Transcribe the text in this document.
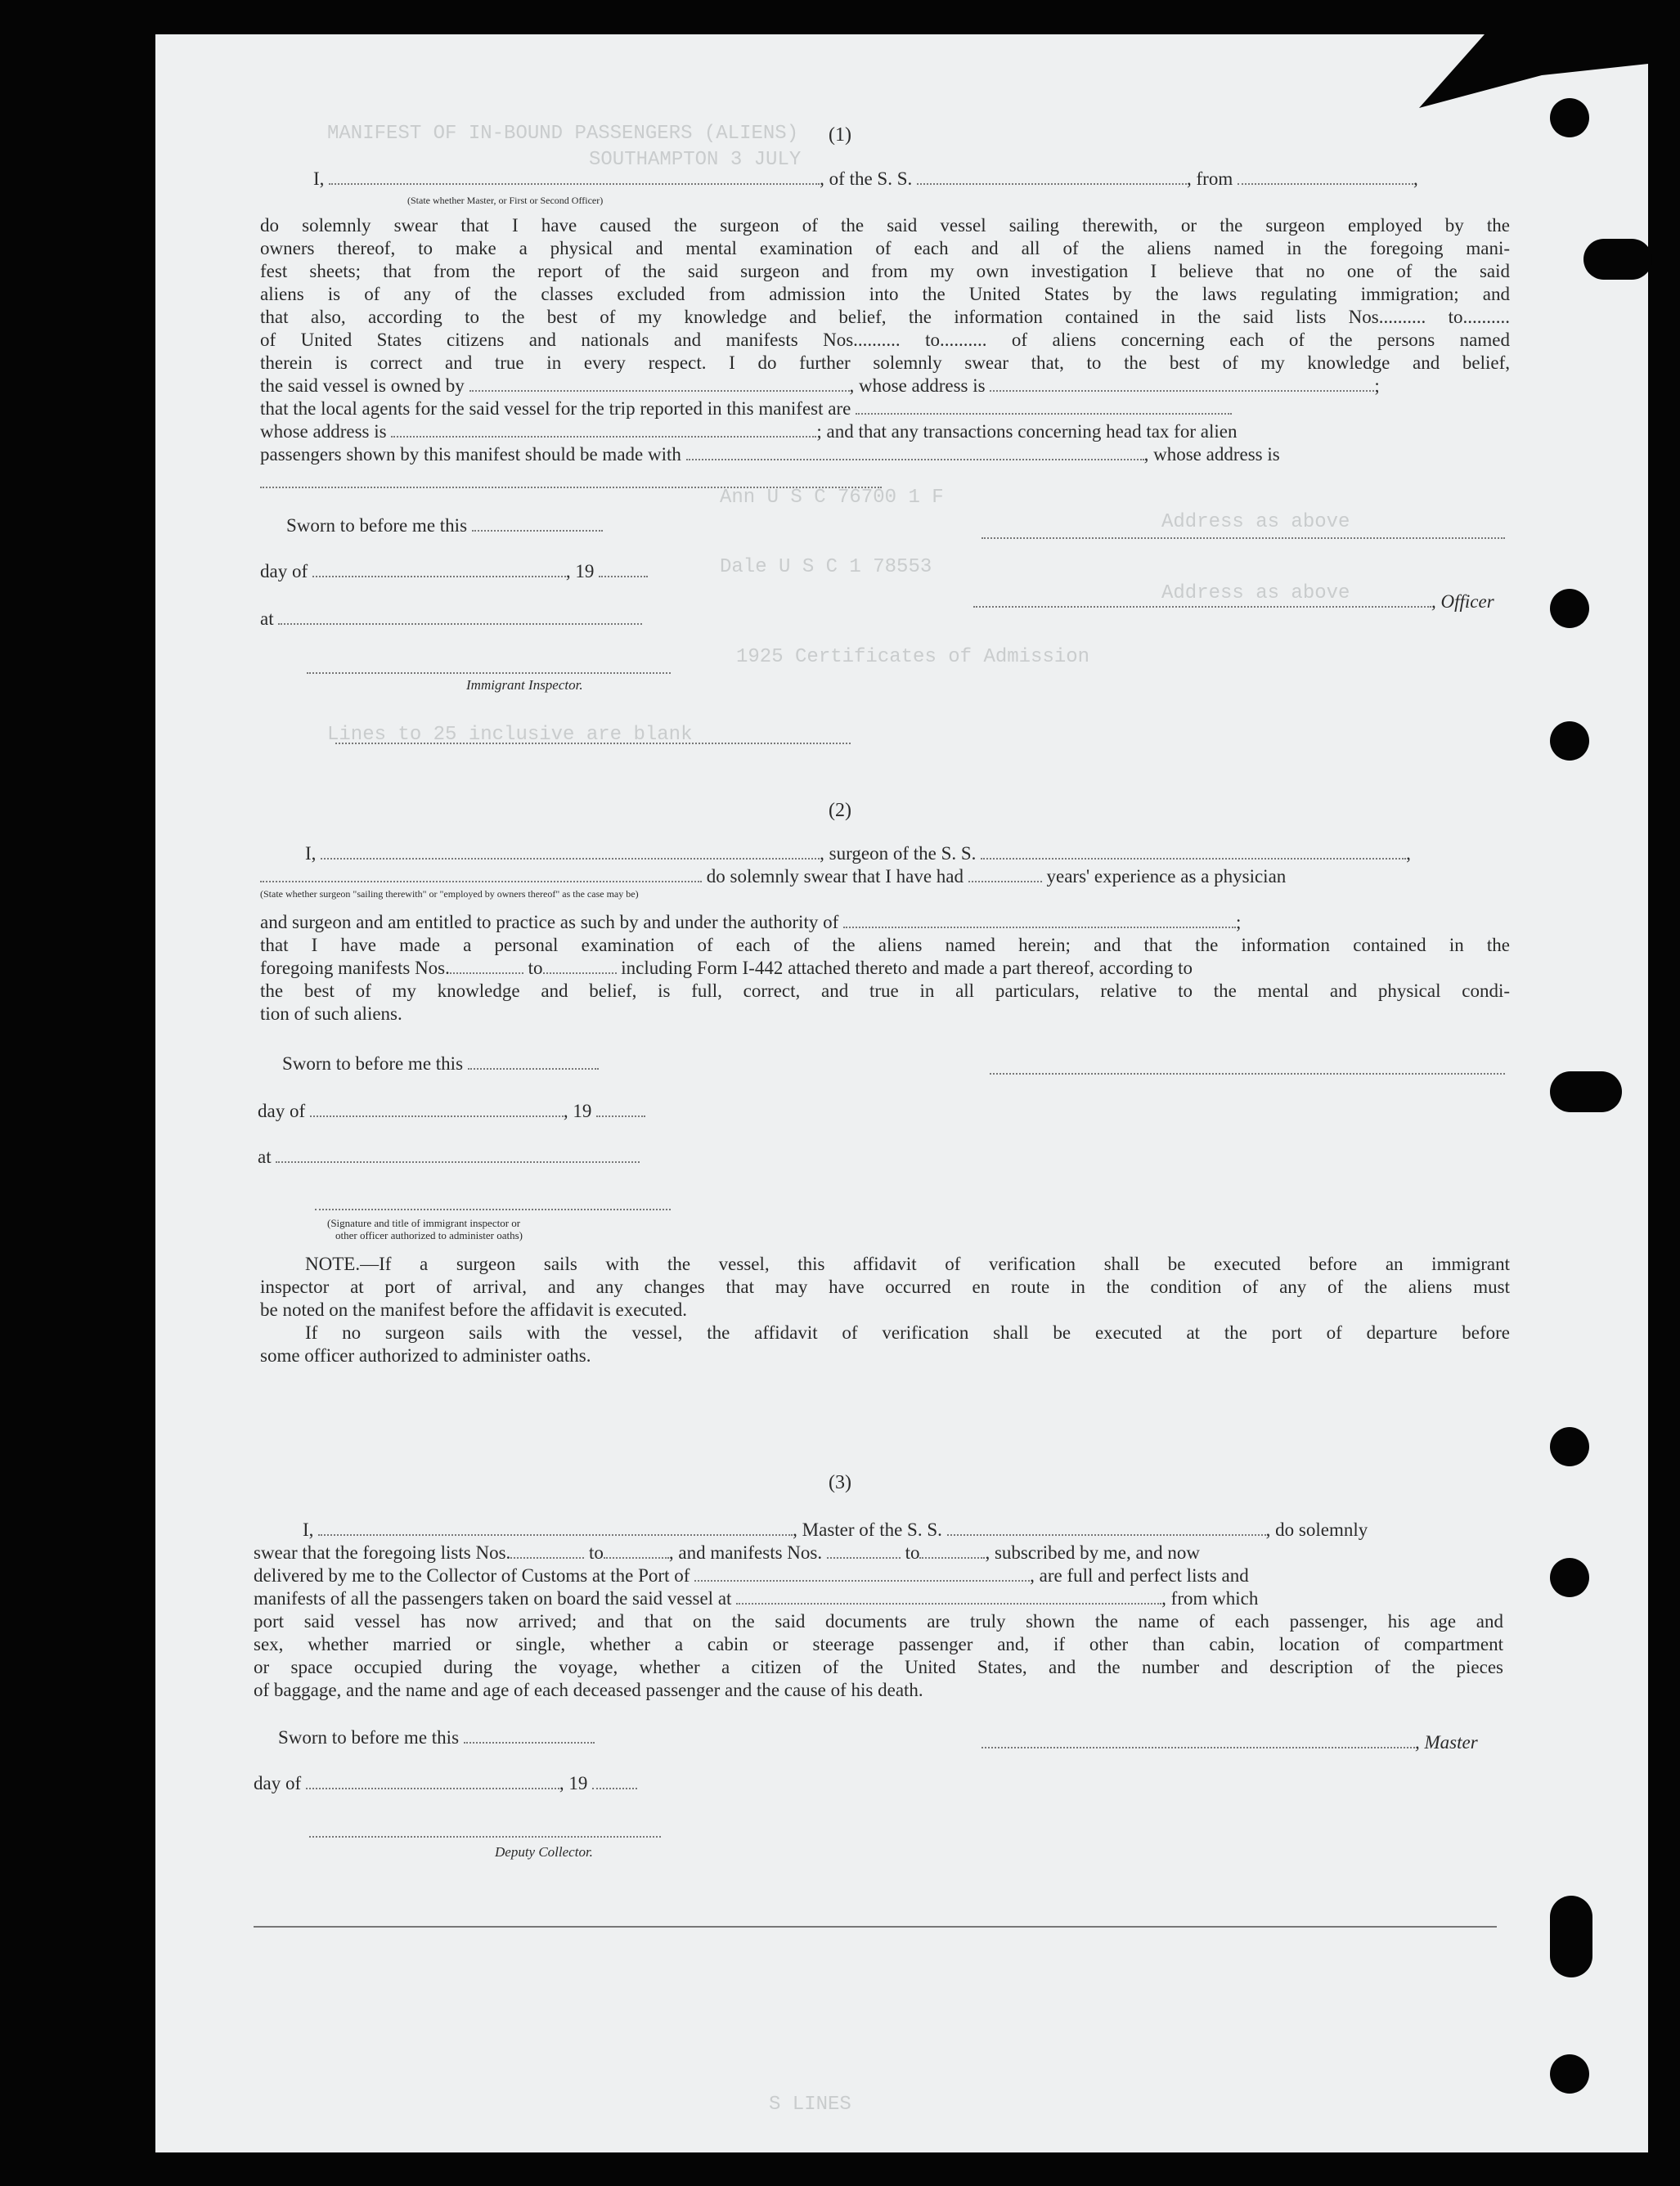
MANIFEST OF IN-BOUND PASSENGERS (ALIENS)
SOUTHAMPTON 3 JULY
Ann U S C 76700 1 F
Address as above
Dale U S C 1 78553
Address as above
1925 Certificates of Admission
Lines to 25 inclusive are blank
S LINES
(1)
I,	, of the S. S.	, from	,
(State whether Master, or First or Second Officer)
do solemnly swear that I have caused the surgeon of the said vessel sailing therewith, or the surgeon employed by the
owners thereof, to make a physical and mental examination of each and all of the aliens named in the foregoing mani-
fest sheets; that from the report of the said surgeon and from my own investigation I believe that no one of the said
aliens is of any of the classes excluded from admission into the United States by the laws regulating immigration; and
that also, according to the best of my knowledge and belief, the information contained in the said lists Nos.......... to..........
of United States citizens and nationals and manifests Nos.......... to.......... of aliens concerning each of the persons named
therein is correct and true in every respect. I do further solemnly swear that, to the best of my knowledge and belief,
the said vessel is owned by	, whose address is	;
that the local agents for the said vessel for the trip reported in this manifest are
whose address is	; and that any transactions concerning head tax for alien
passengers shown by this manifest should be made with	, whose address is
Sworn to before me this
day of	, 19
, Officer
at
Immigrant Inspector.
(2)
I,	, surgeon of the S. S.	,
do solemnly swear that I have had	years' experience as a physician
(State whether surgeon "sailing therewith" or "employed by owners thereof" as the case may be)
and surgeon and am entitled to practice as such by and under the authority of	;
that I have made a personal examination of each of the aliens named herein; and that the information contained in the
foregoing manifests Nos.	to	including Form I-442 attached thereto and made a part thereof, according to
the best of my knowledge and belief, is full, correct, and true in all particulars, relative to the mental and physical condi-
tion of such aliens.
Sworn to before me this
day of	, 19
at
(Signature and title of immigrant inspector or
other officer authorized to administer oaths)
NOTE.—If a surgeon sails with the vessel, this affidavit of verification shall be executed before an immigrant
inspector at port of arrival, and any changes that may have occurred en route in the condition of any of the aliens must
be noted on the manifest before the affidavit is executed.
If no surgeon sails with the vessel, the affidavit of verification shall be executed at the port of departure before
some officer authorized to administer oaths.
(3)
I,	, Master of the S. S.	, do solemnly
swear that the foregoing lists Nos.	to	, and manifests Nos.	to	, subscribed by me, and now
delivered by me to the Collector of Customs at the Port of	, are full and perfect lists and
manifests of all the passengers taken on board the said vessel at	, from which
port said vessel has now arrived; and that on the said documents are truly shown the name of each passenger, his age and
sex, whether married or single, whether a cabin or steerage passenger and, if other than cabin, location of compartment
or space occupied during the voyage, whether a citizen of the United States, and the number and description of the pieces
of baggage, and the name and age of each deceased passenger and the cause of his death.
Sworn to before me this	, Master
day of	, 19
Deputy Collector.
